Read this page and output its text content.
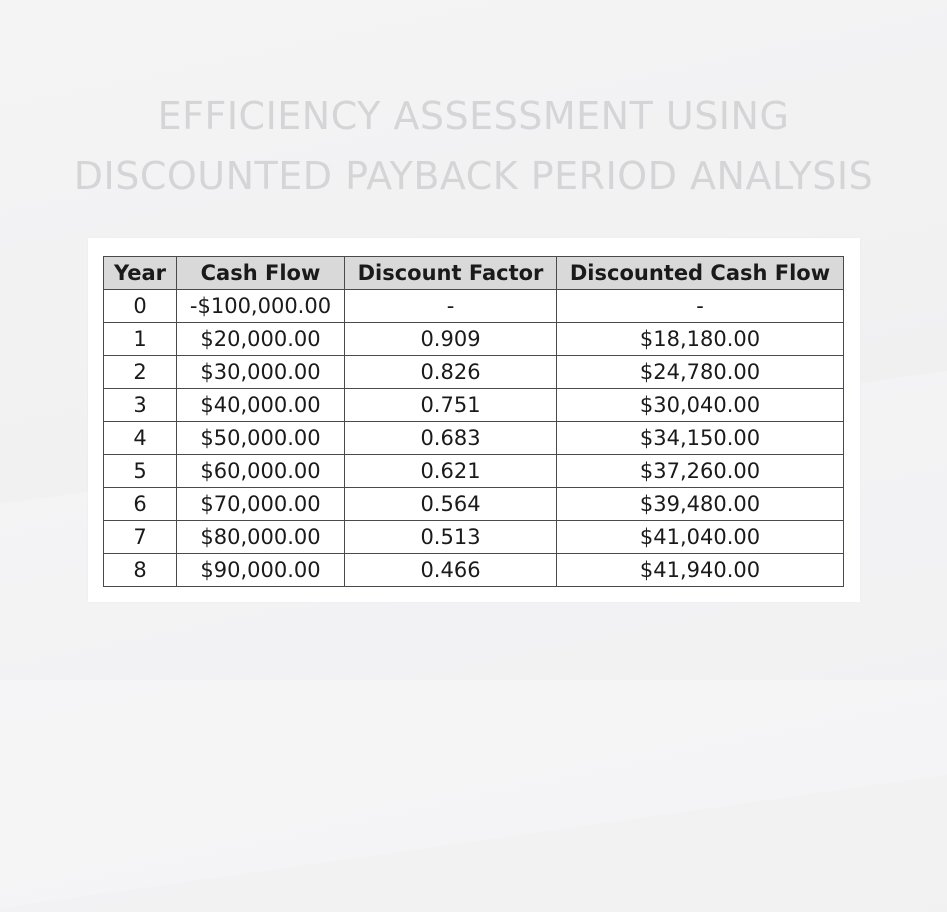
EFFICIENCY ASSESSMENT USING
DISCOUNTED PAYBACK PERIOD ANALYSIS
Year	Cash Flow	Discount Factor	Discounted Cash Flow
0	-$100,000.00	-	-
1	$20,000.00	0.909	$18,180.00
2	$30,000.00	0.826	$24,780.00
3	$40,000.00	0.751	$30,040.00
4	$50,000.00	0.683	$34,150.00
5	$60,000.00	0.621	$37,260.00
6	$70,000.00	0.564	$39,480.00
7	$80,000.00	0.513	$41,040.00
8	$90,000.00	0.466	$41,940.00
